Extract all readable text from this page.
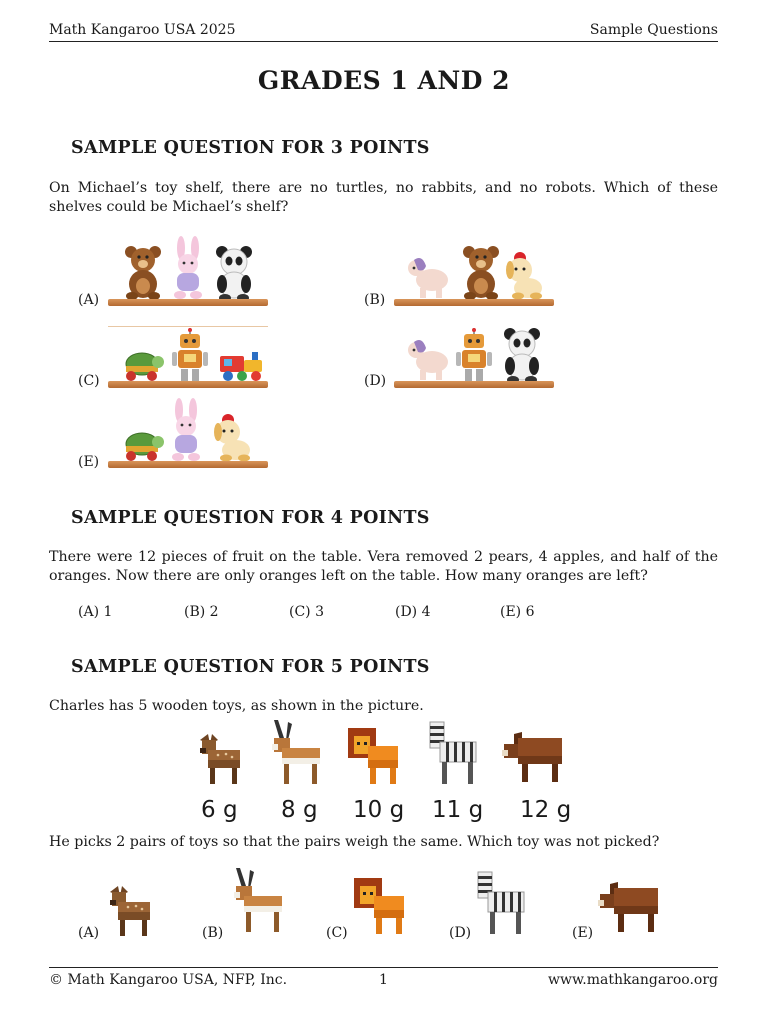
Math Kangaroo USA 2025	Sample Questions
GRADES 1 AND 2
SAMPLE QUESTION FOR 3 POINTS
On Michael’s toy shelf, there are no turtles, no rabbits, and no robots. Which of these shelves could be Michael’s shelf?
(A)	(B)
(C)	(D)
(E)
SAMPLE QUESTION FOR 4 POINTS
There were 12 pieces of fruit on the table. Vera removed 2 pears, 4 apples, and half of the oranges. Now there are only oranges left on the table. How many oranges are left?
(A) 1	(B) 2	(C) 3	(D) 4	(E) 6
SAMPLE QUESTION FOR 5 POINTS
Charles has 5 wooden toys, as shown in the picture.
6 g 8 g 10 g 11 g 12 g
He picks 2 pairs of toys so that the pairs weigh the same. Which toy was not picked?
(A)	(B)	(C)	(D)	(E)
© Math Kangaroo USA, NFP, Inc.	1	www.mathkangaroo.org
